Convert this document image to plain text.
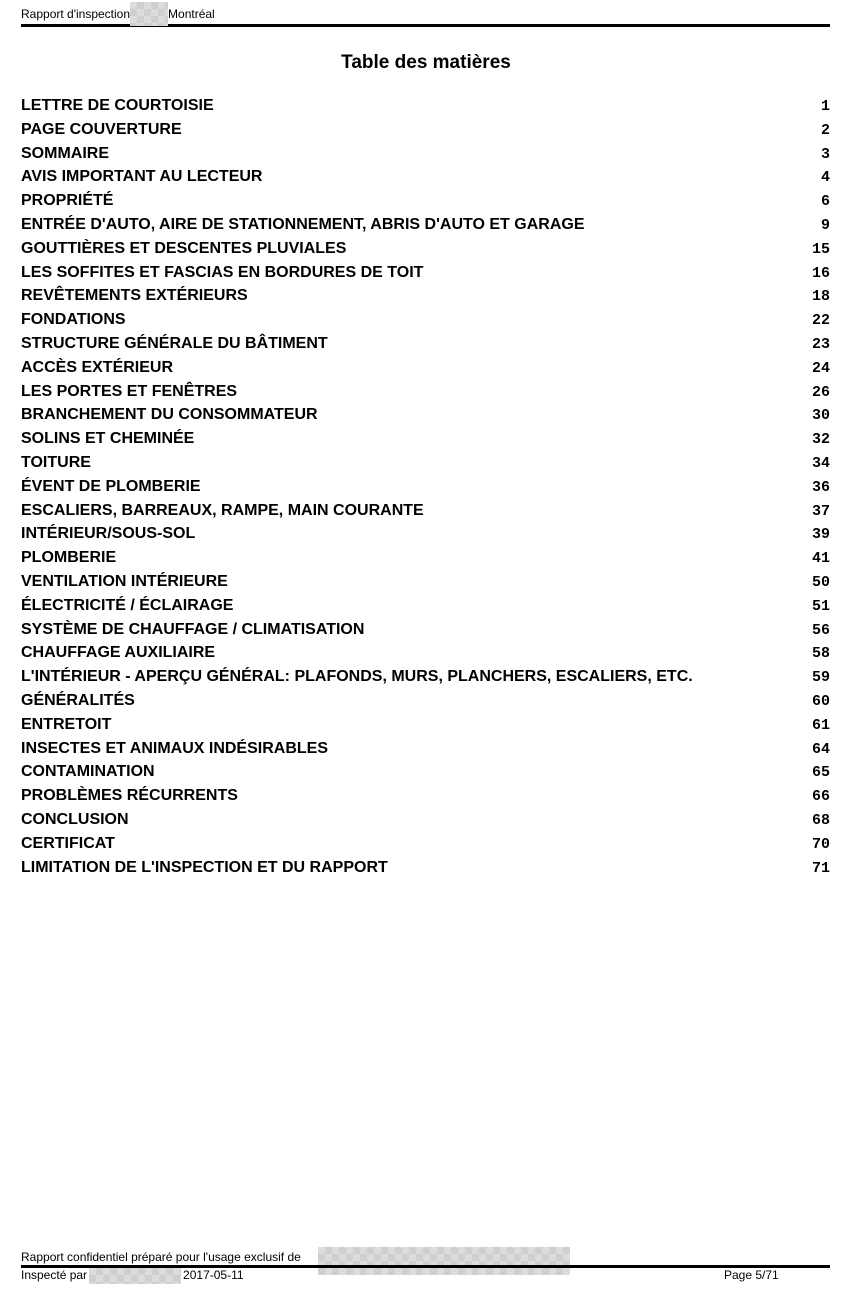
Rapport d'inspection	Montréal
Table des matières
LETTRE DE COURTOISIE	1
PAGE COUVERTURE	2
SOMMAIRE	3
AVIS IMPORTANT AU LECTEUR	4
PROPRIÉTÉ	6
ENTRÉE D'AUTO, AIRE DE STATIONNEMENT, ABRIS D'AUTO ET GARAGE	9
GOUTTIÈRES ET DESCENTES PLUVIALES	15
LES SOFFITES ET FASCIAS EN BORDURES DE TOIT	16
REVÊTEMENTS EXTÉRIEURS	18
FONDATIONS	22
STRUCTURE GÉNÉRALE DU BÂTIMENT	23
ACCÈS EXTÉRIEUR	24
LES PORTES ET FENÊTRES	26
BRANCHEMENT DU CONSOMMATEUR	30
SOLINS ET CHEMINÉE	32
TOITURE	34
ÉVENT DE PLOMBERIE	36
ESCALIERS, BARREAUX, RAMPE, MAIN COURANTE	37
INTÉRIEUR/SOUS-SOL	39
PLOMBERIE	41
VENTILATION INTÉRIEURE	50
ÉLECTRICITÉ / ÉCLAIRAGE	51
SYSTÈME DE CHAUFFAGE / CLIMATISATION	56
CHAUFFAGE AUXILIAIRE	58
L'INTÉRIEUR - APERÇU GÉNÉRAL: PLAFONDS, MURS, PLANCHERS, ESCALIERS, ETC.	59
GÉNÉRALITÉS	60
ENTRETOIT	61
INSECTES ET ANIMAUX INDÉSIRABLES	64
CONTAMINATION	65
PROBLÈMES RÉCURRENTS	66
CONCLUSION	68
CERTIFICAT	70
LIMITATION DE L'INSPECTION ET DU RAPPORT	71
Rapport confidentiel préparé pour l'usage exclusif de
Inspecté par	2017-05-11	Page 5/71
